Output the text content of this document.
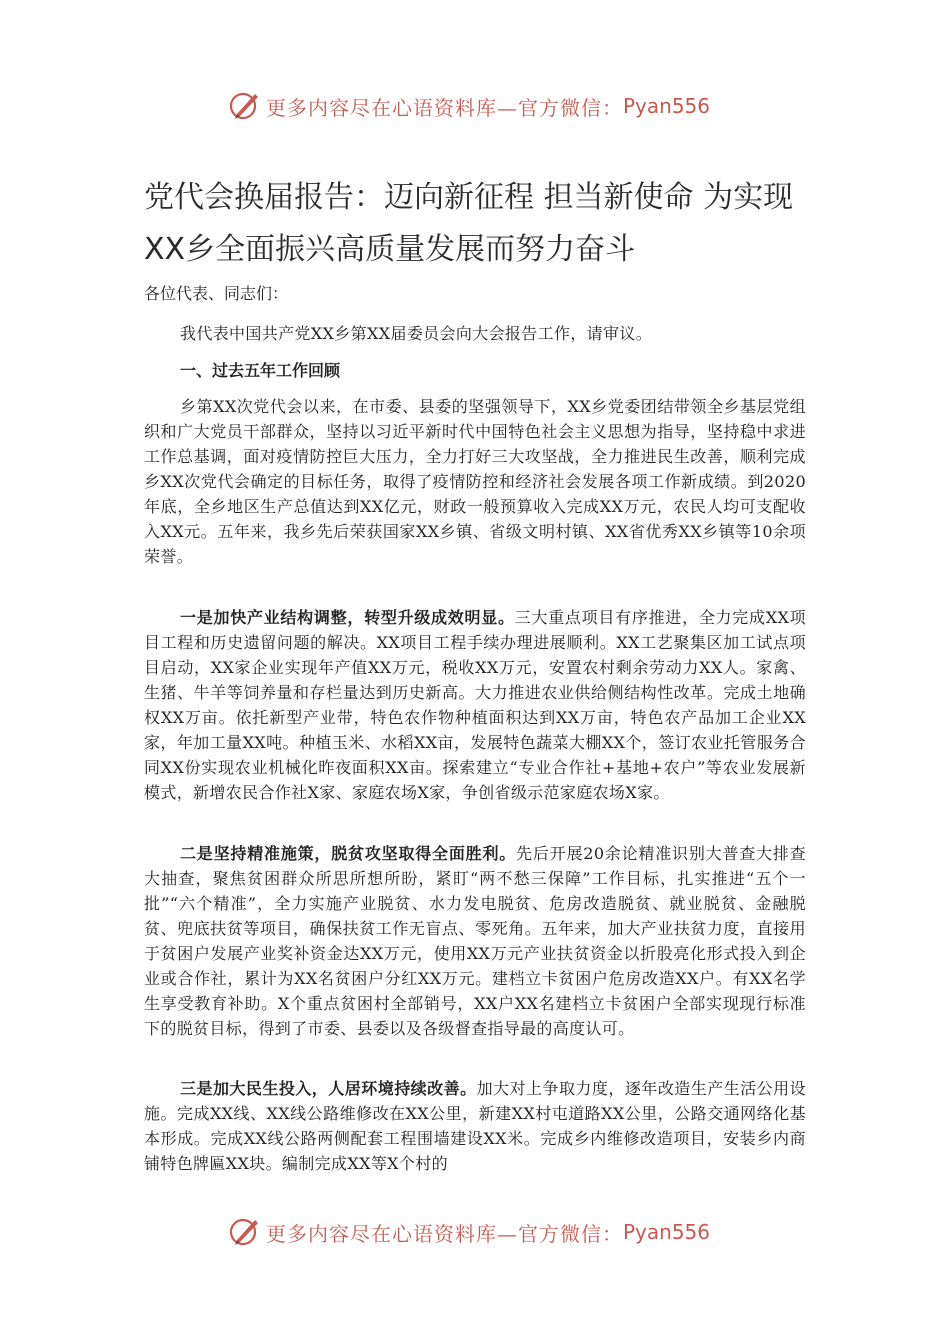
更多内容尽在心语资料库—官方微信： Pyan556
党代会换届报告：迈向新征程 担当新使命 为实现XX乡全面振兴高质量发展而努力奋斗
各位代表、同志们：
我代表中国共产党XX乡第XX届委员会向大会报告工作，请审议。
一、过去五年工作回顾
乡第XX次党代会以来，在市委、县委的坚强领导下，XX乡党委团结带领全乡基层党组织和广大党员干部群众，坚持以习近平新时代中国特色社会主义思想为指导，坚持稳中求进工作总基调，面对疫情防控巨大压力，全力打好三大攻坚战，全力推进民生改善，顺利完成乡XX次党代会确定的目标任务，取得了疫情防控和经济社会发展各项工作新成绩。到2020年底，全乡地区生产总值达到XX亿元，财政一般预算收入完成XX万元，农民人均可支配收入XX元。五年来，我乡先后荣获国家XX乡镇、省级文明村镇、XX省优秀XX乡镇等10余项荣誉。
一是加快产业结构调整，转型升级成效明显。三大重点项目有序推进，全力完成XX项目工程和历史遗留问题的解决。XX项目工程手续办理进展顺利。XX工艺聚集区加工试点项目启动，XX家企业实现年产值XX万元，税收XX万元，安置农村剩余劳动力XX人。家禽、生猪、牛羊等饲养量和存栏量达到历史新高。大力推进农业供给侧结构性改革。完成土地确权XX万亩。依托新型产业带，特色农作物种植面积达到XX万亩，特色农产品加工企业XX家，年加工量XX吨。种植玉米、水稻XX亩，发展特色蔬菜大棚XX个，签订农业托管服务合同XX份实现农业机械化昨夜面积XX亩。探索建立“专业合作社+基地+农户”等农业发展新模式，新增农民合作社X家、家庭农场X家，争创省级示范家庭农场X家。
二是坚持精准施策，脱贫攻坚取得全面胜利。先后开展20余论精准识别大普查大排查大抽查，聚焦贫困群众所思所想所盼，紧盯“两不愁三保障”工作目标，扎实推进“五个一批”“六个精准”，全力实施产业脱贫、水力发电脱贫、危房改造脱贫、就业脱贫、金融脱贫、兜底扶贫等项目，确保扶贫工作无盲点、零死角。五年来，加大产业扶贫力度，直接用于贫困户发展产业奖补资金达XX万元，使用XX万元产业扶贫资金以折股亮化形式投入到企业或合作社，累计为XX名贫困户分红XX万元。建档立卡贫困户危房改造XX户。有XX名学生享受教育补助。X个重点贫困村全部销号，XX户XX名建档立卡贫困户全部实现现行标准下的脱贫目标，得到了市委、县委以及各级督查指导最的高度认可。
三是加大民生投入，人居环境持续改善。加大对上争取力度，逐年改造生产生活公用设施。完成XX线、XX线公路维修改在XX公里，新建XX村屯道路XX公里，公路交通网络化基本形成。完成XX线公路两侧配套工程围墙建设XX米。完成乡内维修改造项目，安装乡内商铺特色牌匾XX块。编制完成XX等X个村的
更多内容尽在心语资料库—官方微信： Pyan556
